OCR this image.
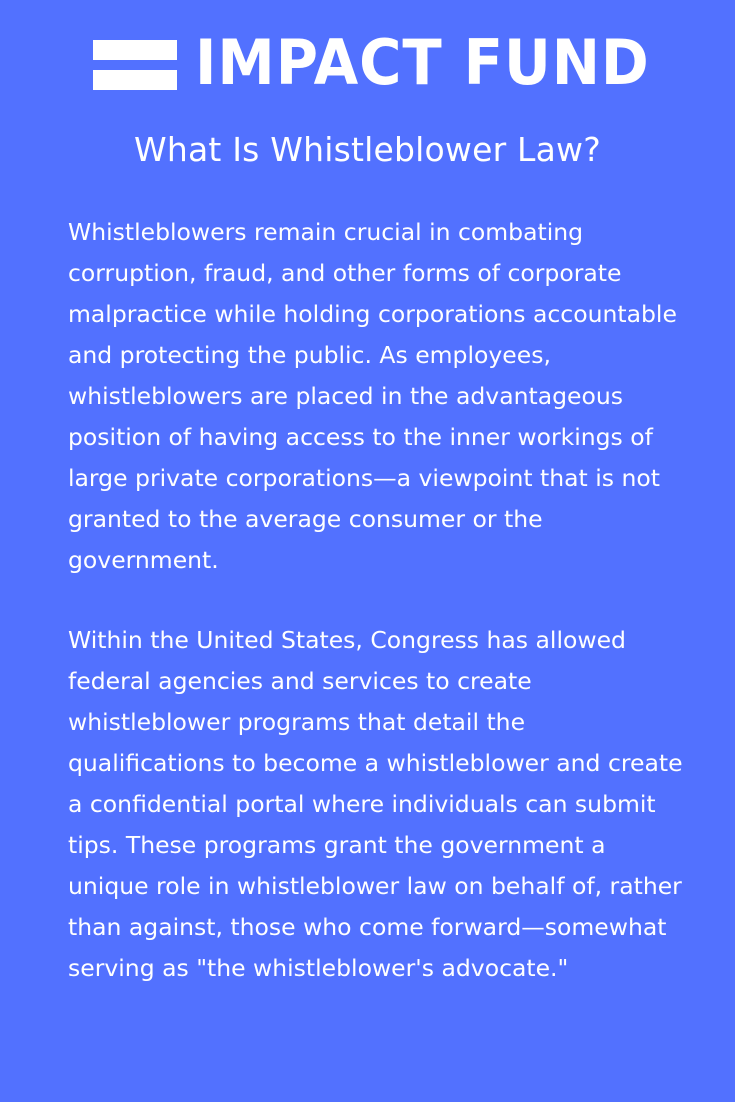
IMPACT FUND
What Is Whistleblower Law?

Whistleblowers remain crucial in combating corruption, fraud, and other forms of corporate malpractice while holding corporations accountable and protecting the public. As employees, whistleblowers are placed in the advantageous position of having access to the inner workings of large private corporations—a viewpoint that is not granted to the average consumer or the government.

Within the United States, Congress has allowed federal agencies and services to create whistleblower programs that detail the qualifications to become a whistleblower and create a confidential portal where individuals can submit tips. These programs grant the government a unique role in whistleblower law on behalf of, rather than against, those who come forward—somewhat serving as "the whistleblower's advocate."
